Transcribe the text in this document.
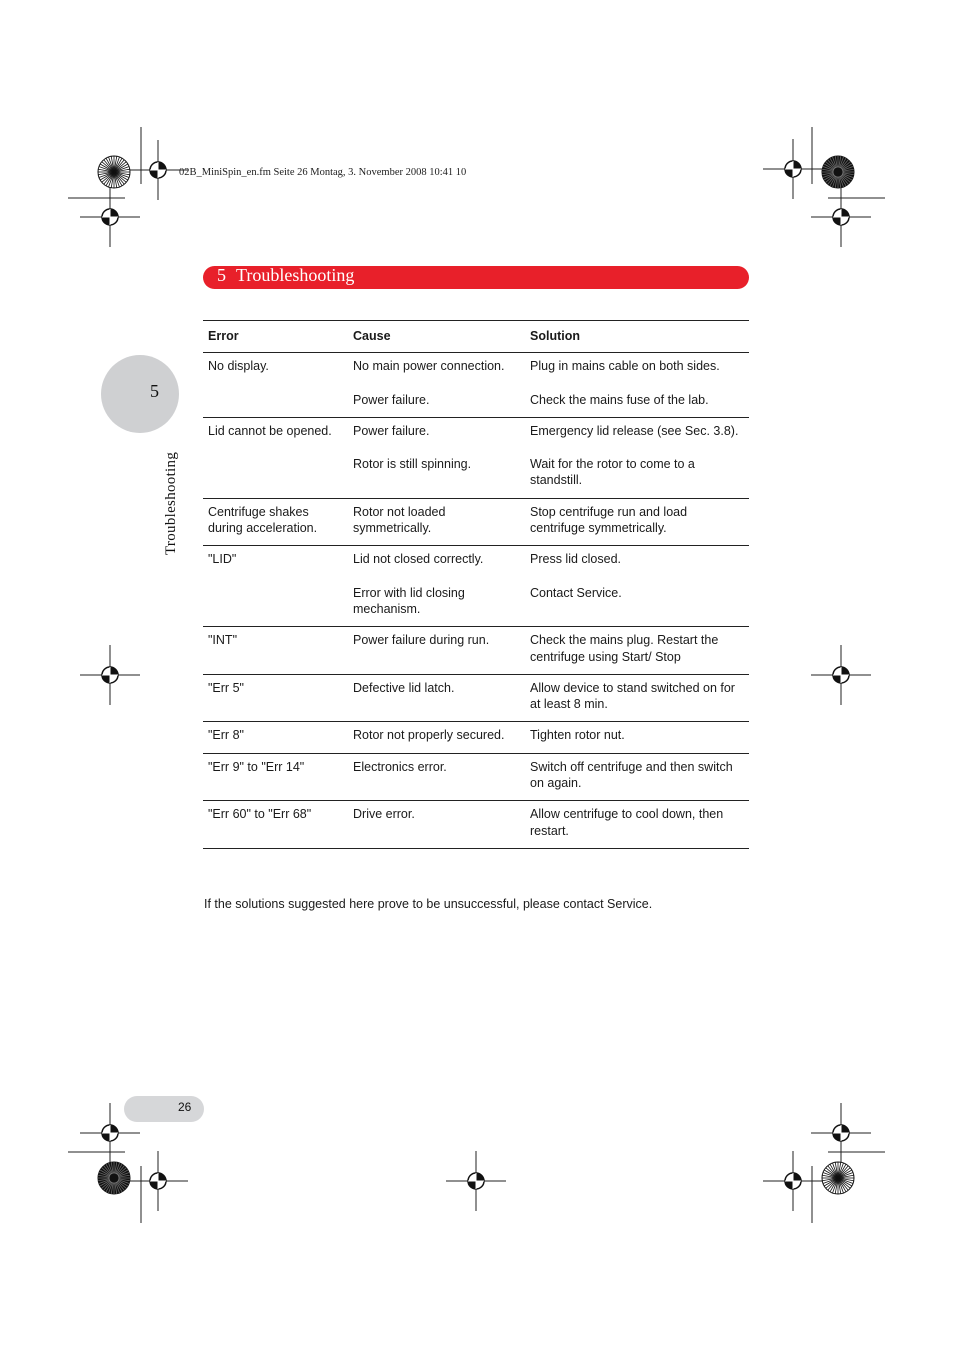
02B_MiniSpin_en.fm Seite 26 Montag, 3. November 2008 10:41 10
5 Troubleshooting
5
Troubleshooting
Error	Cause	Solution
No display.	No main power connection.	Plug in mains cable on both sides.
	Power failure.	Check the mains fuse of the lab.
Lid cannot be opened.	Power failure.	Emergency lid release (see Sec. 3.8).
	Rotor is still spinning.	Wait for the rotor to come to a standstill.
Centrifuge shakes during acceleration.	Rotor not loaded symmetrically.	Stop centrifuge run and load centrifuge symmetrically.
"LID"	Lid not closed correctly.	Press lid closed.
	Error with lid closing mechanism.	Contact Service.
"INT"	Power failure during run.	Check the mains plug. Restart the centrifuge using Start/ Stop
"Err 5"	Defective lid latch.	Allow device to stand switched on for at least 8 min.
"Err 8"	Rotor not properly secured.	Tighten rotor nut.
"Err 9" to "Err 14"	Electronics error.	Switch off centrifuge and then switch on again.
"Err 60" to "Err 68"	Drive error.	Allow centrifuge to cool down, then restart.
If the solutions suggested here prove to be unsuccessful, please contact Service.
26
